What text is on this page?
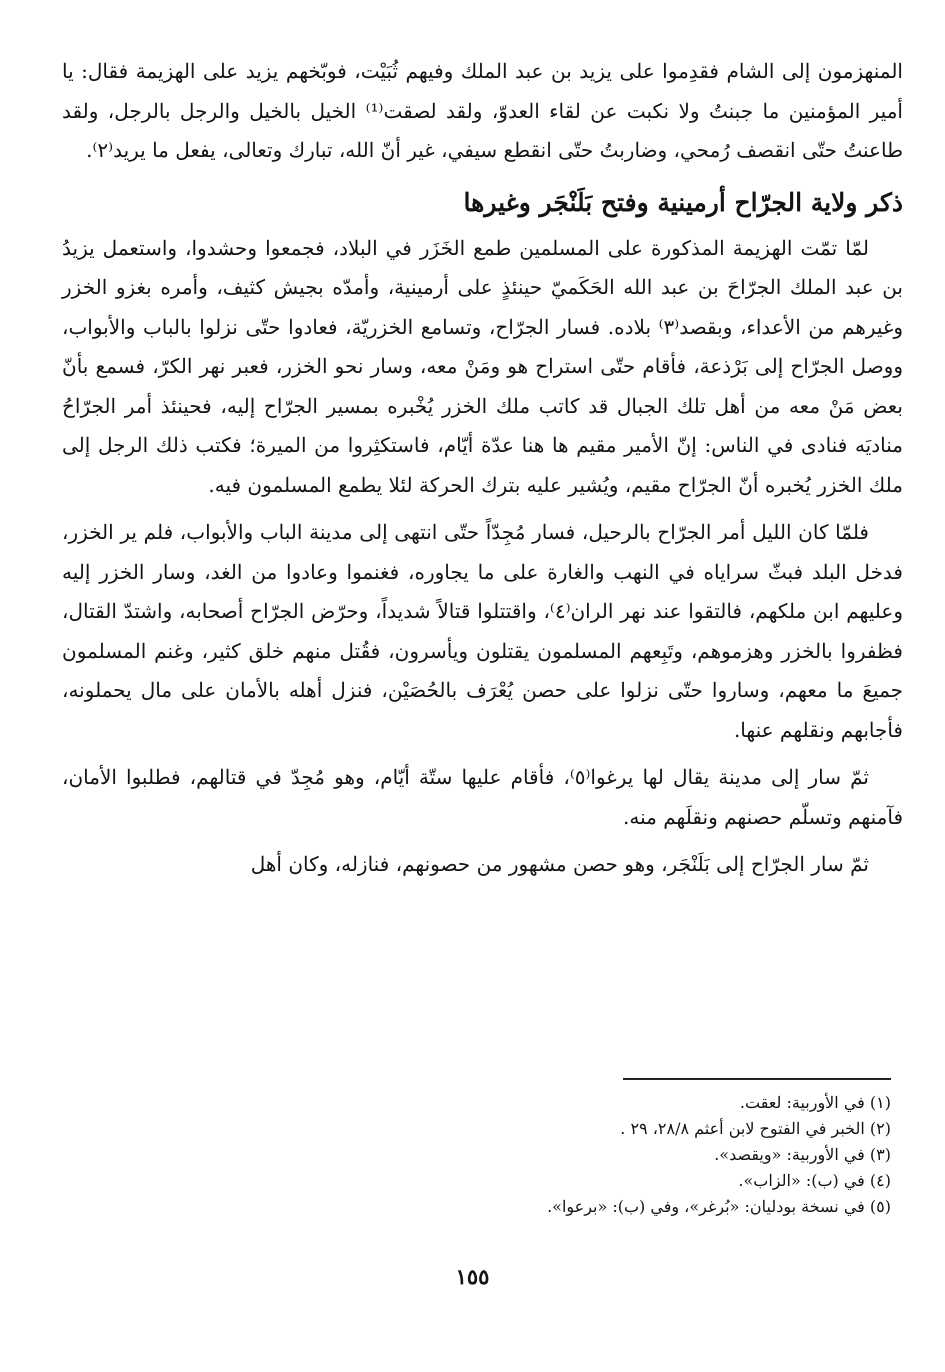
المنهزمون إلى الشام فقدِموا على يزيد بن عبد الملك وفيهم ثُبَيْت، فوبّخهم يزيد على الهزيمة فقال: يا أمير المؤمنين ما جبنتُ ولا نكبت عن لقاء العدوّ، ولقد لصقت⁽¹⁾ الخيل بالخيل والرجل بالرجل، ولقد طاعنتُ حتّى انقصف رُمحي، وضاربتُ حتّى انقطع سيفي، غير أنّ الله، تبارك وتعالى، يفعل ما يريد⁽٢⁾.

ذكر ولاية الجرّاح أرمينية وفتح بَلَنْجَر وغيرها

لمّا تمّت الهزيمة المذكورة على المسلمين طمع الخَزَر في البلاد، فجمعوا وحشدوا، واستعمل يزيدُ بن عبد الملك الجرّاحَ بن عبد الله الحَكَميّ حينئذٍ على أرمينية، وأمدّه بجيش كثيف، وأمره بغزو الخزر وغيرهم من الأعداء، وبقصد⁽٣⁾ بلاده. فسار الجرّاح، وتسامع الخزريّة، فعادوا حتّى نزلوا بالباب والأبواب، ووصل الجرّاح إلى بَرْذعة، فأقام حتّى استراح هو ومَنْ معه، وسار نحو الخزر، فعبر نهر الكرّ، فسمع بأنّ بعض مَنْ معه من أهل تلك الجبال قد كاتب ملك الخزر يُخْبره بمسير الجرّاح إليه، فحينئذ أمر الجرّاحُ مناديَه فنادى في الناس: إنّ الأمير مقيم ها هنا عدّة أيّام، فاستكثِروا من الميرة؛ فكتب ذلك الرجل إلى ملك الخزر يُخبره أنّ الجرّاح مقيم، ويُشير عليه بترك الحركة لئلا يطمع المسلمون فيه.

فلمّا كان الليل أمر الجرّاح بالرحيل، فسار مُجِدّاً حتّى انتهى إلى مدينة الباب والأبواب، فلم ير الخزر، فدخل البلد فبثّ سراياه في النهب والغارة على ما يجاوره، فغنموا وعادوا من الغد، وسار الخزر إليه وعليهم ابن ملكهم، فالتقوا عند نهر الران⁽٤⁾، واقتتلوا قتالاً شديداً، وحرّض الجرّاح أصحابه، واشتدّ القتال، فظفروا بالخزر وهزموهم، وتَبِعهم المسلمون يقتلون ويأسرون، فقُتل منهم خلق كثير، وغنم المسلمون جميعَ ما معهم، وساروا حتّى نزلوا على حصن يُعْرَف بالحُصَيْن، فنزل أهله بالأمان على مال يحملونه، فأجابهم ونقلهم عنها.

ثمّ سار إلى مدينة يقال لها يرغوا⁽٥⁾، فأقام عليها ستّة أيّام، وهو مُجِدّ في قتالهم، فطلبوا الأمان، فآمنهم وتسلّم حصنهم ونقلَهم منه.

ثمّ سار الجرّاح إلى بَلَنْجَر، وهو حصن مشهور من حصونهم، فنازله، وكان أهل

(١) في الأوربية: لعقت.
(٢) الخبر في الفتوح لابن أعثم ٢٨/٨، ٢٩ .
(٣) في الأوربية: «ويقصد».
(٤) في (ب): «الزاب».
(٥) في نسخة بودليان: «بُرغر»، وفي (ب): «برعوا».
١٥٥
